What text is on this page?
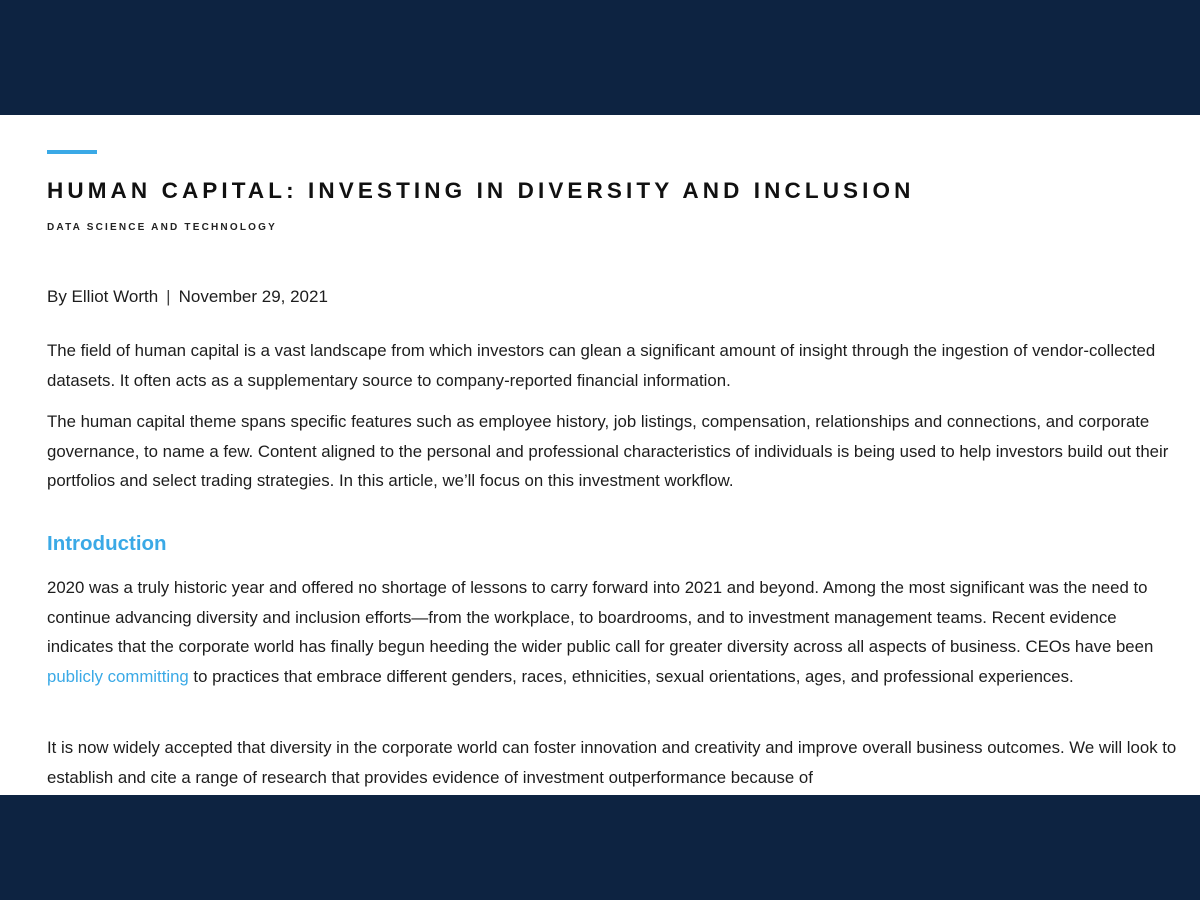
HUMAN CAPITAL: INVESTING IN DIVERSITY AND INCLUSION
DATA SCIENCE AND TECHNOLOGY
By Elliot Worth | November 29, 2021

The field of human capital is a vast landscape from which investors can glean a significant amount of insight through the ingestion of vendor-collected datasets. It often acts as a supplementary source to company-reported financial information.

The human capital theme spans specific features such as employee history, job listings, compensation, relationships and connections, and corporate governance, to name a few. Content aligned to the personal and professional characteristics of individuals is being used to help investors build out their portfolios and select trading strategies. In this article, we’ll focus on this investment workflow.

Introduction

2020 was a truly historic year and offered no shortage of lessons to carry forward into 2021 and beyond. Among the most significant was the need to continue advancing diversity and inclusion efforts—from the workplace, to boardrooms, and to investment management teams. Recent evidence indicates that the corporate world has finally begun heeding the wider public call for greater diversity across all aspects of business. CEOs have been publicly committing to practices that embrace different genders, races, ethnicities, sexual orientations, ages, and professional experiences.

It is now widely accepted that diversity in the corporate world can foster innovation and creativity and improve overall business outcomes. We will look to establish and cite a range of research that provides evidence of investment outperformance because of
